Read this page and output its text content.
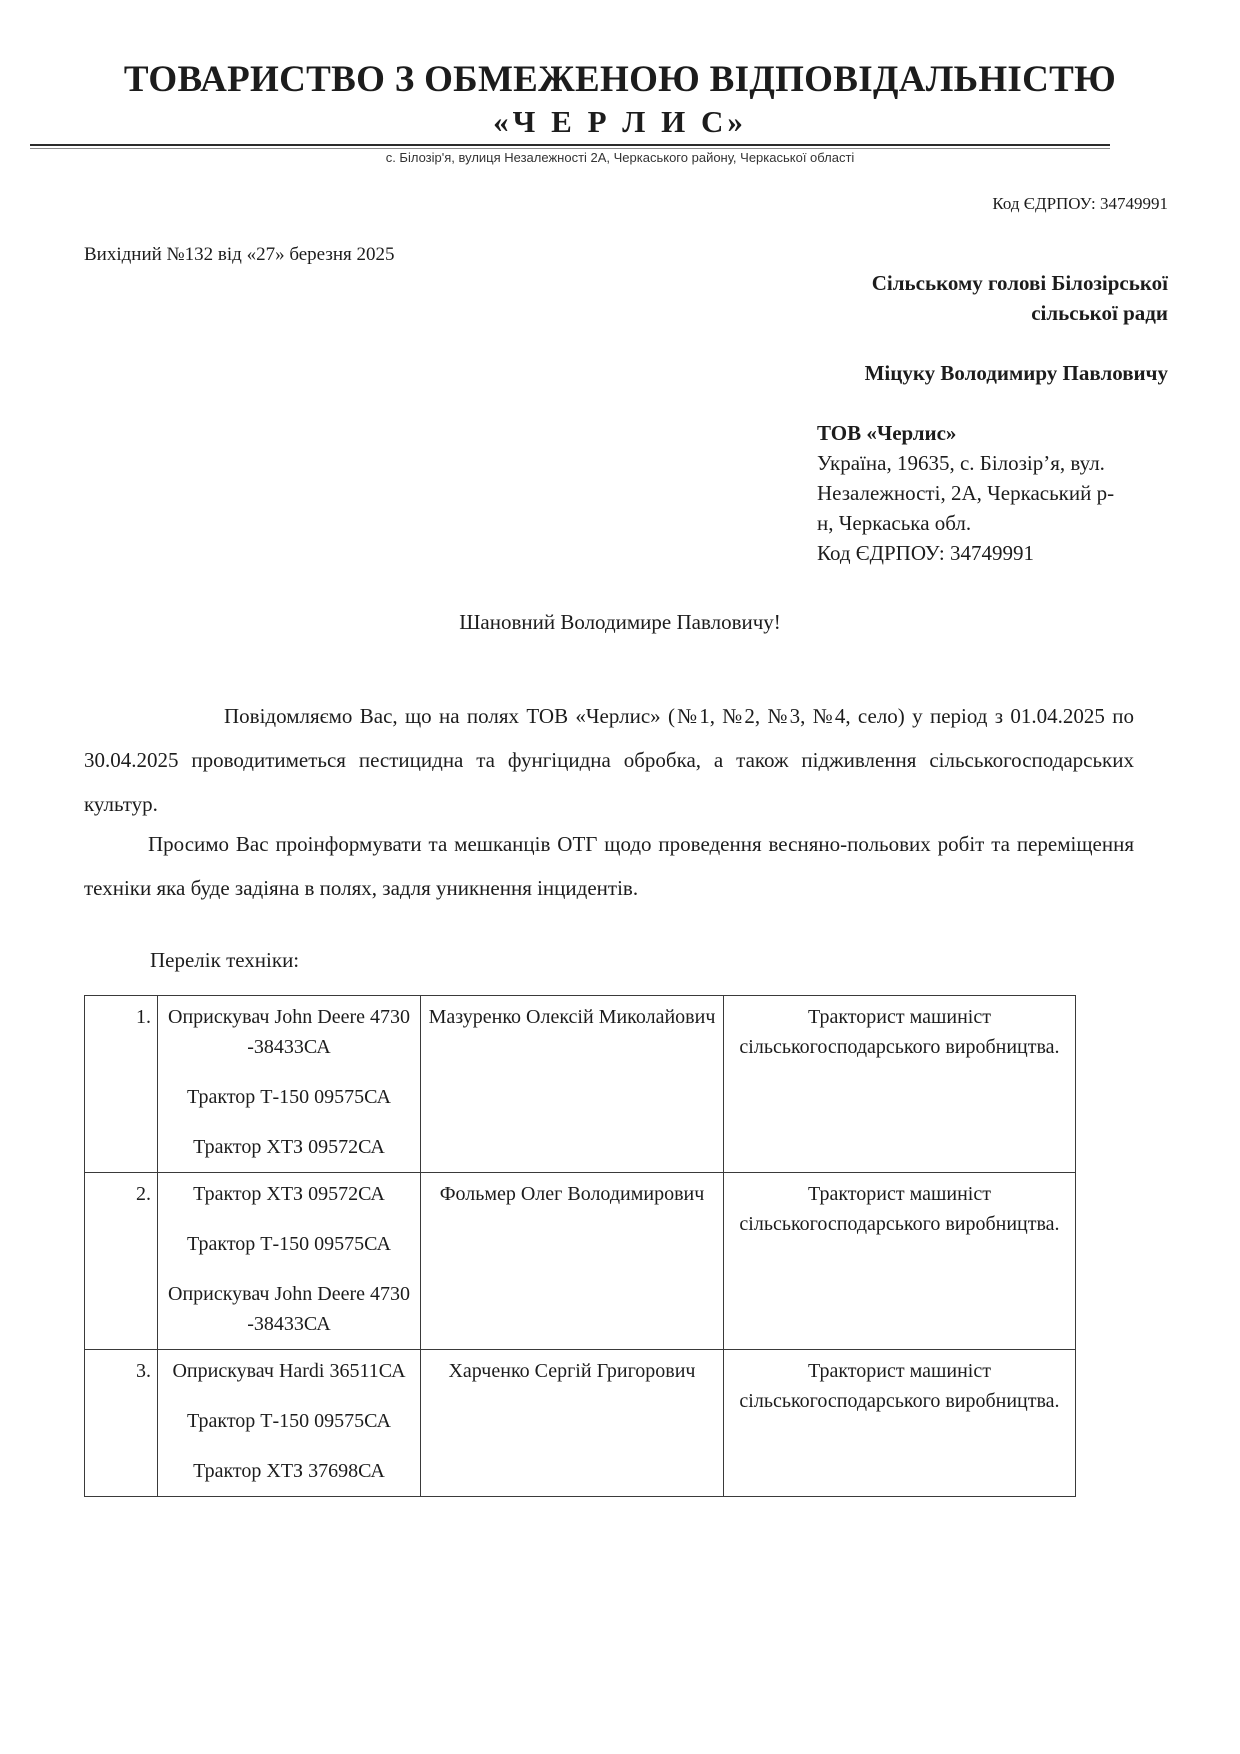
ТОВАРИСТВО З ОБМЕЖЕНОЮ ВІДПОВІДАЛЬНІСТЮ
«Ч Е Р Л И С»
с. Білозір'я, вулиця Незалежності 2А, Черкаського району, Черкаської області
Код ЄДРПОУ: 34749991
Вихідний №132 від «27» березня 2025
Сільському голові Білозірської
сільської ради
Міцуку Володимиру Павловичу
ТОВ «Черлис»
Україна, 19635, с. Білозір’я, вул.
Незалежності, 2А, Черкаський р-
н, Черкаська обл.
Код ЄДРПОУ: 34749991
Шановний Володимире Павловичу!
Повідомляємо Вас, що на полях ТОВ «Черлис» (№1, №2, №3, №4, село) у період з 01.04.2025 по 30.04.2025 проводитиметься пестицидна та фунгіцидна обробка, а також підживлення сільськогосподарських культур.
Просимо Вас проінформувати та мешканців ОТГ щодо проведення весняно-польових робіт та переміщення техніки яка буде задіяна в полях, задля уникнення інцидентів.
Перелік техніки:
1.	Оприскувач John Deere 4730 -38433СА
Трактор Т-150 09575СА
Трактор ХТЗ 09572СА	Мазуренко Олексій Миколайович	Тракторист машиніст сільськогосподарського виробництва.
2.	Трактор ХТЗ 09572СА
Трактор Т-150 09575СА
Оприскувач John Deere 4730 -38433СА	Фольмер Олег Володимирович	Тракторист машиніст сільськогосподарського виробництва.
3.	Оприскувач Hardi 36511СА
Трактор Т-150 09575СА
Трактор ХТЗ 37698СА	Харченко Сергій Григорович	Тракторист машиніст сільськогосподарського виробництва.
